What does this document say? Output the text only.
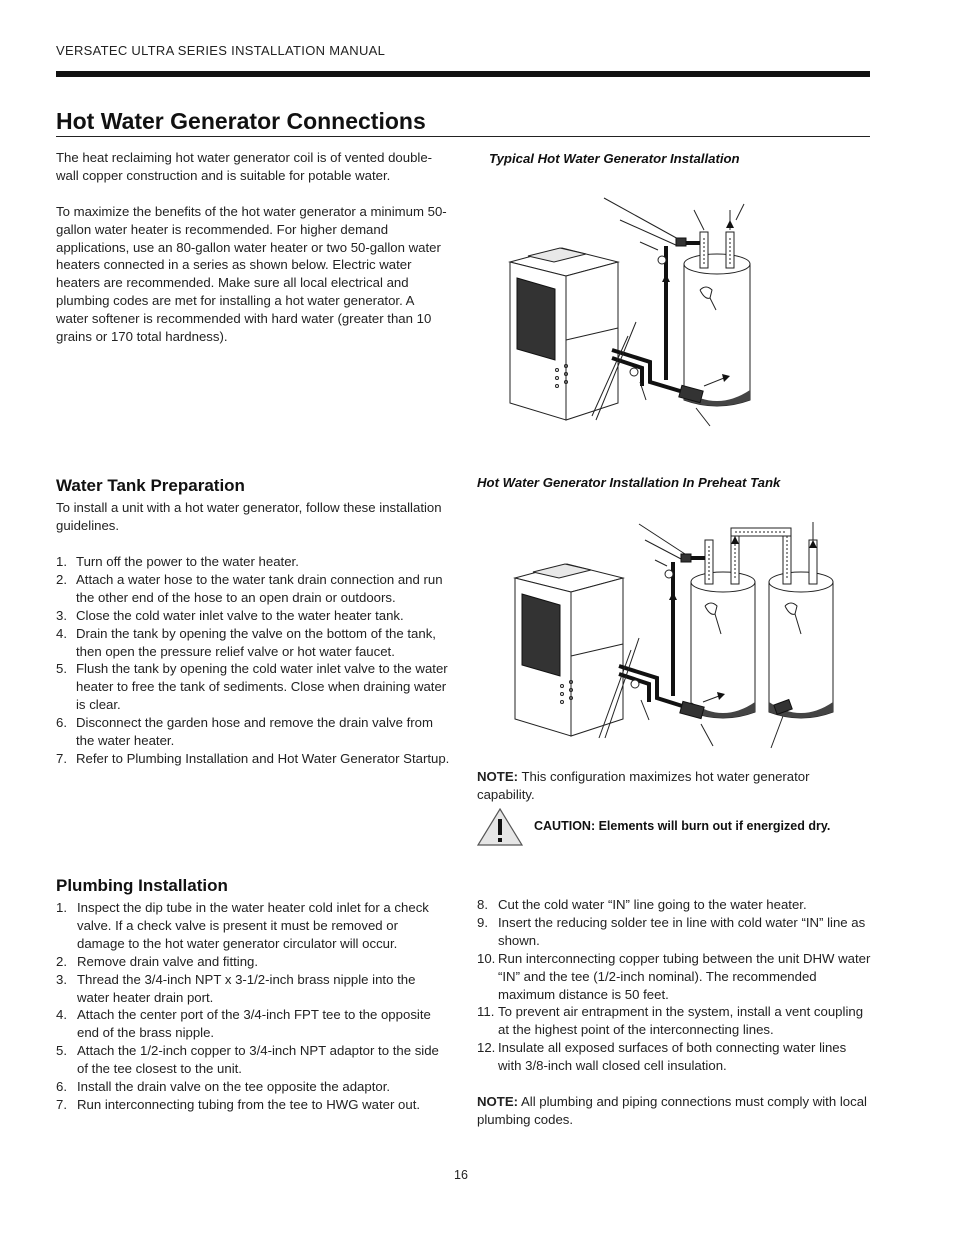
VERSATEC ULTRA SERIES INSTALLATION MANUAL
Hot Water Generator Connections

The heat reclaiming hot water generator coil is of vented double-wall copper construction and is suitable for potable water.

To maximize the benefits of the hot water generator a minimum 50-gallon water heater is recommended. For higher demand applications, use an 80-gallon water heater or two 50-gallon water heaters connected in a series as shown below. Electric water heaters are recommended. Make sure all local electrical and plumbing codes are met for installing a hot water generator. A water softener is recommended with hard water (greater than 10 grains or 170 total hardness).

Typical Hot Water Generator Installation
Water Tank Preparation
To install a unit with a hot water generator, follow these installation guidelines.
1. Turn off the power to the water heater.
2. Attach a water hose to the water tank drain connection and run the other end of the hose to an open drain or outdoors.
3. Close the cold water inlet valve to the water heater tank.
4. Drain the tank by opening the valve on the bottom of the tank, then open the pressure relief valve or hot water faucet.
5. Flush the tank by opening the cold water inlet valve to the water heater to free the tank of sediments. Close when draining water is clear.
6. Disconnect the garden hose and remove the drain valve from the water heater.
7. Refer to Plumbing Installation and Hot Water Generator Startup.
Hot Water Generator Installation In Preheat Tank
NOTE: This configuration maximizes hot water generator capability.
CAUTION: Elements will burn out if energized dry.
Plumbing Installation
1. Inspect the dip tube in the water heater cold inlet for a check valve. If a check valve is present it must be removed or damage to the hot water generator circulator will occur.
2. Remove drain valve and fitting.
3. Thread the 3/4-inch NPT x 3-1/2-inch brass nipple into the water heater drain port.
4. Attach the center port of the 3/4-inch FPT tee to the opposite end of the brass nipple.
5. Attach the 1/2-inch copper to 3/4-inch NPT adaptor to the side of the tee closest to the unit.
6. Install the drain valve on the tee opposite the adaptor.
7. Run interconnecting tubing from the tee to HWG water out.
8. Cut the cold water “IN” line going to the water heater.
9. Insert the reducing solder tee in line with cold water “IN” line as shown.
10. Run interconnecting copper tubing between the unit DHW water “IN” and the tee (1/2-inch nominal). The recommended maximum distance is 50 feet.
11. To prevent air entrapment in the system, install a vent coupling at the highest point of the interconnecting lines.
12. Insulate all exposed surfaces of both connecting water lines with 3/8-inch wall closed cell insulation.
NOTE: All plumbing and piping connections must comply with local plumbing codes.
16
